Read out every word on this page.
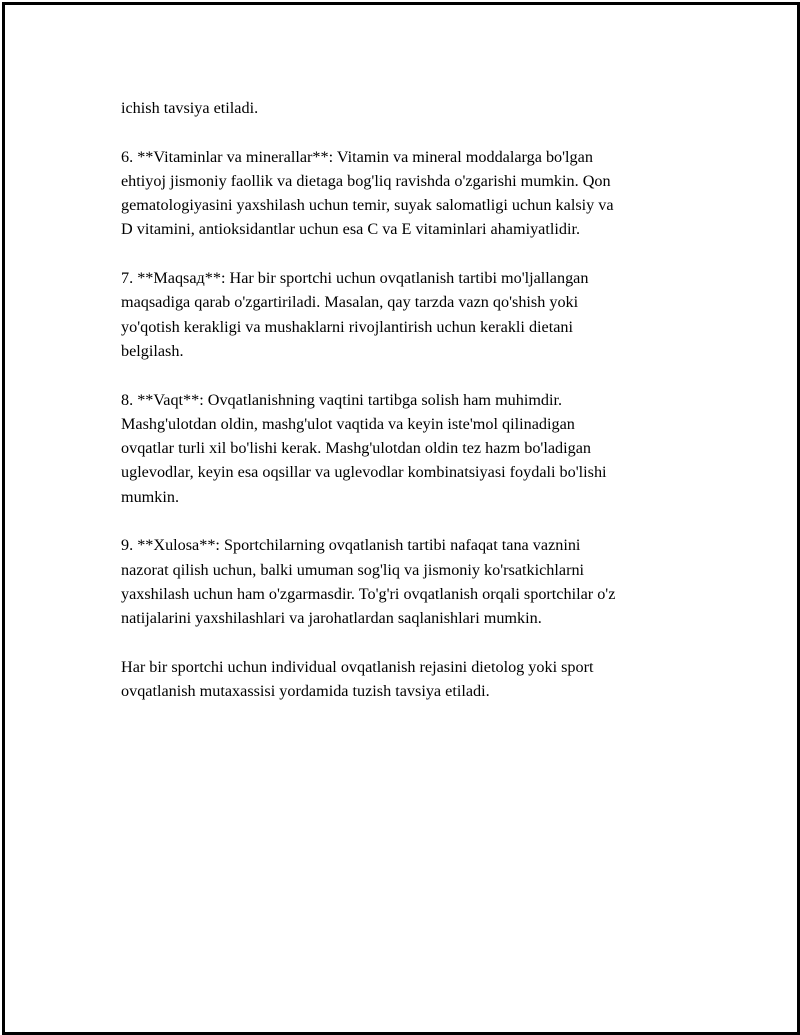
ichish tavsiya etiladi.

6. **Vitaminlar va minerallar**: Vitamin va mineral moddalarga bo'lgan
ehtiyoj jismoniy faollik va dietaga bog'liq ravishda o'zgarishi mumkin. Qon
gematologiyasini yaxshilash uchun temir, suyak salomatligi uchun kalsiy va
D vitamini, antioksidantlar uchun esa C va E vitaminlari ahamiyatlidir.

7. **Maqsaд**: Har bir sportchi uchun ovqatlanish tartibi mo'ljallangan
maqsadiga qarab o'zgartiriladi. Masalan, qay tarzda vazn qo'shish yoki
yo'qotish kerakligi va mushaklarni rivojlantirish uchun kerakli dietani
belgilash.

8. **Vaqt**: Ovqatlanishning vaqtini tartibga solish ham muhimdir.
Mashg'ulotdan oldin, mashg'ulot vaqtida va keyin iste'mol qilinadigan
ovqatlar turli xil bo'lishi kerak. Mashg'ulotdan oldin tez hazm bo'ladigan
uglevodlar, keyin esa oqsillar va uglevodlar kombinatsiyasi foydali bo'lishi
mumkin.

9. **Xulosa**: Sportchilarning ovqatlanish tartibi nafaqat tana vaznini
nazorat qilish uchun, balki umuman sog'liq va jismoniy ko'rsatkichlarni
yaxshilash uchun ham o'zgarmasdir. To'g'ri ovqatlanish orqali sportchilar o'z
natijalarini yaxshilashlari va jarohatlardan saqlanishlari mumkin.

Har bir sportchi uchun individual ovqatlanish rejasini dietolog yoki sport
ovqatlanish mutaxassisi yordamida tuzish tavsiya etiladi.
